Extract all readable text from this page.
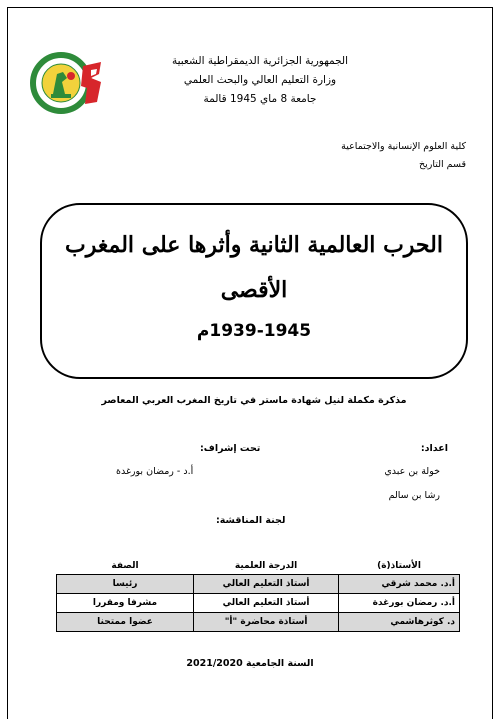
الجمهورية الجزائرية الديمقراطية الشعبية
وزارة التعليم العالي والبحث العلمي
جامعة 8 ماي 1945 قالمة
كلية العلوم الإنسانية والاجتماعية
قسم التاريخ
الحرب العالمية الثانية وأثرها على المغرب
الأقصى
1939-1945م
مذكرة مكملة لنيل شهادة ماستر في تاريخ المغرب العربي المعاصر
اعداد:
خولة بن عبدي
رشا بن سالم
تحت إشراف:
أ.د - رمضان بورغدة
لجنة المناقشة:
الأستاذ(ة)	الدرجة العلمية	الصفة
أ.د. محمد شرقي	أستاذ التعليم العالي	رئيسا
أ.د. رمضان بورغدة	أستاذ التعليم العالي	مشرفا ومقررا
د. كوثرهاشمي	أستاذة محاضرة "أ"	عضوا ممتحنا
السنة الجامعية 2021/2020
